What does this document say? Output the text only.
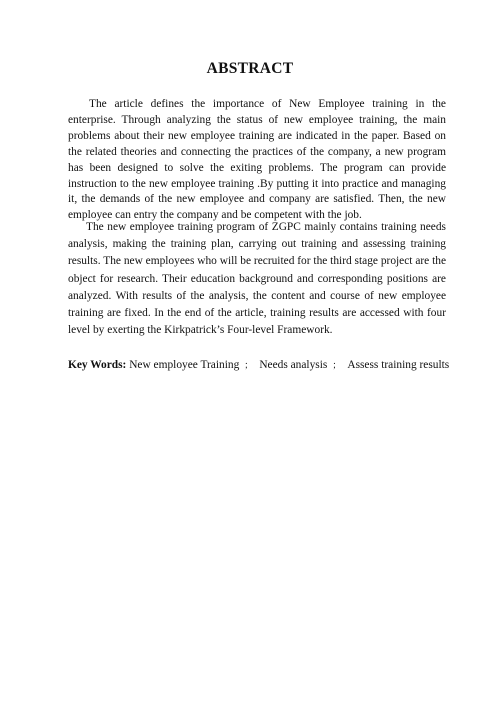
ABSTRACT

The article defines the importance of New Employee training in the enterprise. Through analyzing the status of new employee training, the main problems about their new employee training are indicated in the paper. Based on the related theories and connecting the practices of the company, a new program has been designed to solve the exiting problems. The program can provide instruction to the new employee training .By putting it into practice and managing it, the demands of the new employee and company are satisfied. Then, the new employee can entry the company and be competent with the job.

The new employee training program of ZGPC mainly contains training needs analysis, making the training plan, carrying out training and assessing training results. The new employees who will be recruited for the third stage project are the object for research. Their education background and corresponding positions are analyzed. With results of the analysis, the content and course of new employee training are fixed. In the end of the article, training results are accessed with four level by exerting the Kirkpatrick’s Four-level Framework.

Key Words: New employee Training ； Needs analysis ； Assess training results
